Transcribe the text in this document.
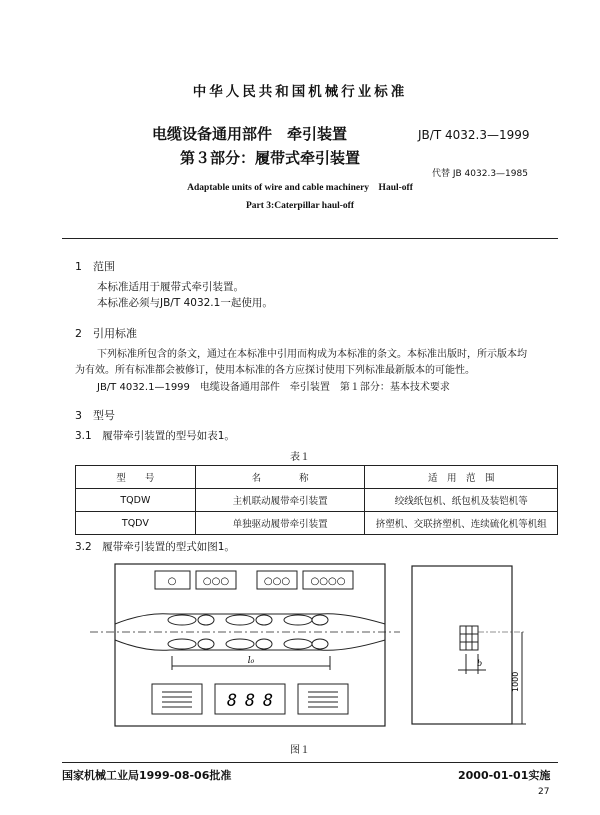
中华人民共和国机械行业标准
电缆设备通用部件　牵引装置
第３部分：履带式牵引装置
JB/T 4032.3—1999
代替 JB 4032.3—1985
Adaptable units of wire and cable machinery　Haul-off
Part 3:Caterpillar haul-off
1　范围
本标准适用于履带式牵引装置。
本标准必须与JB/T 4032.1一起使用。
2　引用标准
下列标准所包含的条文，通过在本标准中引用而构成为本标准的条文。本标准出版时，所示版本均
为有效。所有标准都会被修订，使用本标准的各方应探讨使用下列标准最新版本的可能性。
JB/T 4032.1—1999　电缆设备通用部件　牵引装置　第１部分：基本技术要求
3　型号
3.1　履带牵引装置的型号如表1。
表１
型　　号	名　　　　称	适　用　范　围
TQDW	主机联动履带牵引装置	绞线纸包机、纸包机及装铠机等
TQDV	单独驱动履带牵引装置	挤塑机、交联挤塑机、连续硫化机等机组
3.2　履带牵引装置的型式如图1。
○	○○○	○○○ ○○○○
l₀
8 8 8
b
1000
图１
国家机械工业局1999-08-06批准	2000-01-01实施
27
